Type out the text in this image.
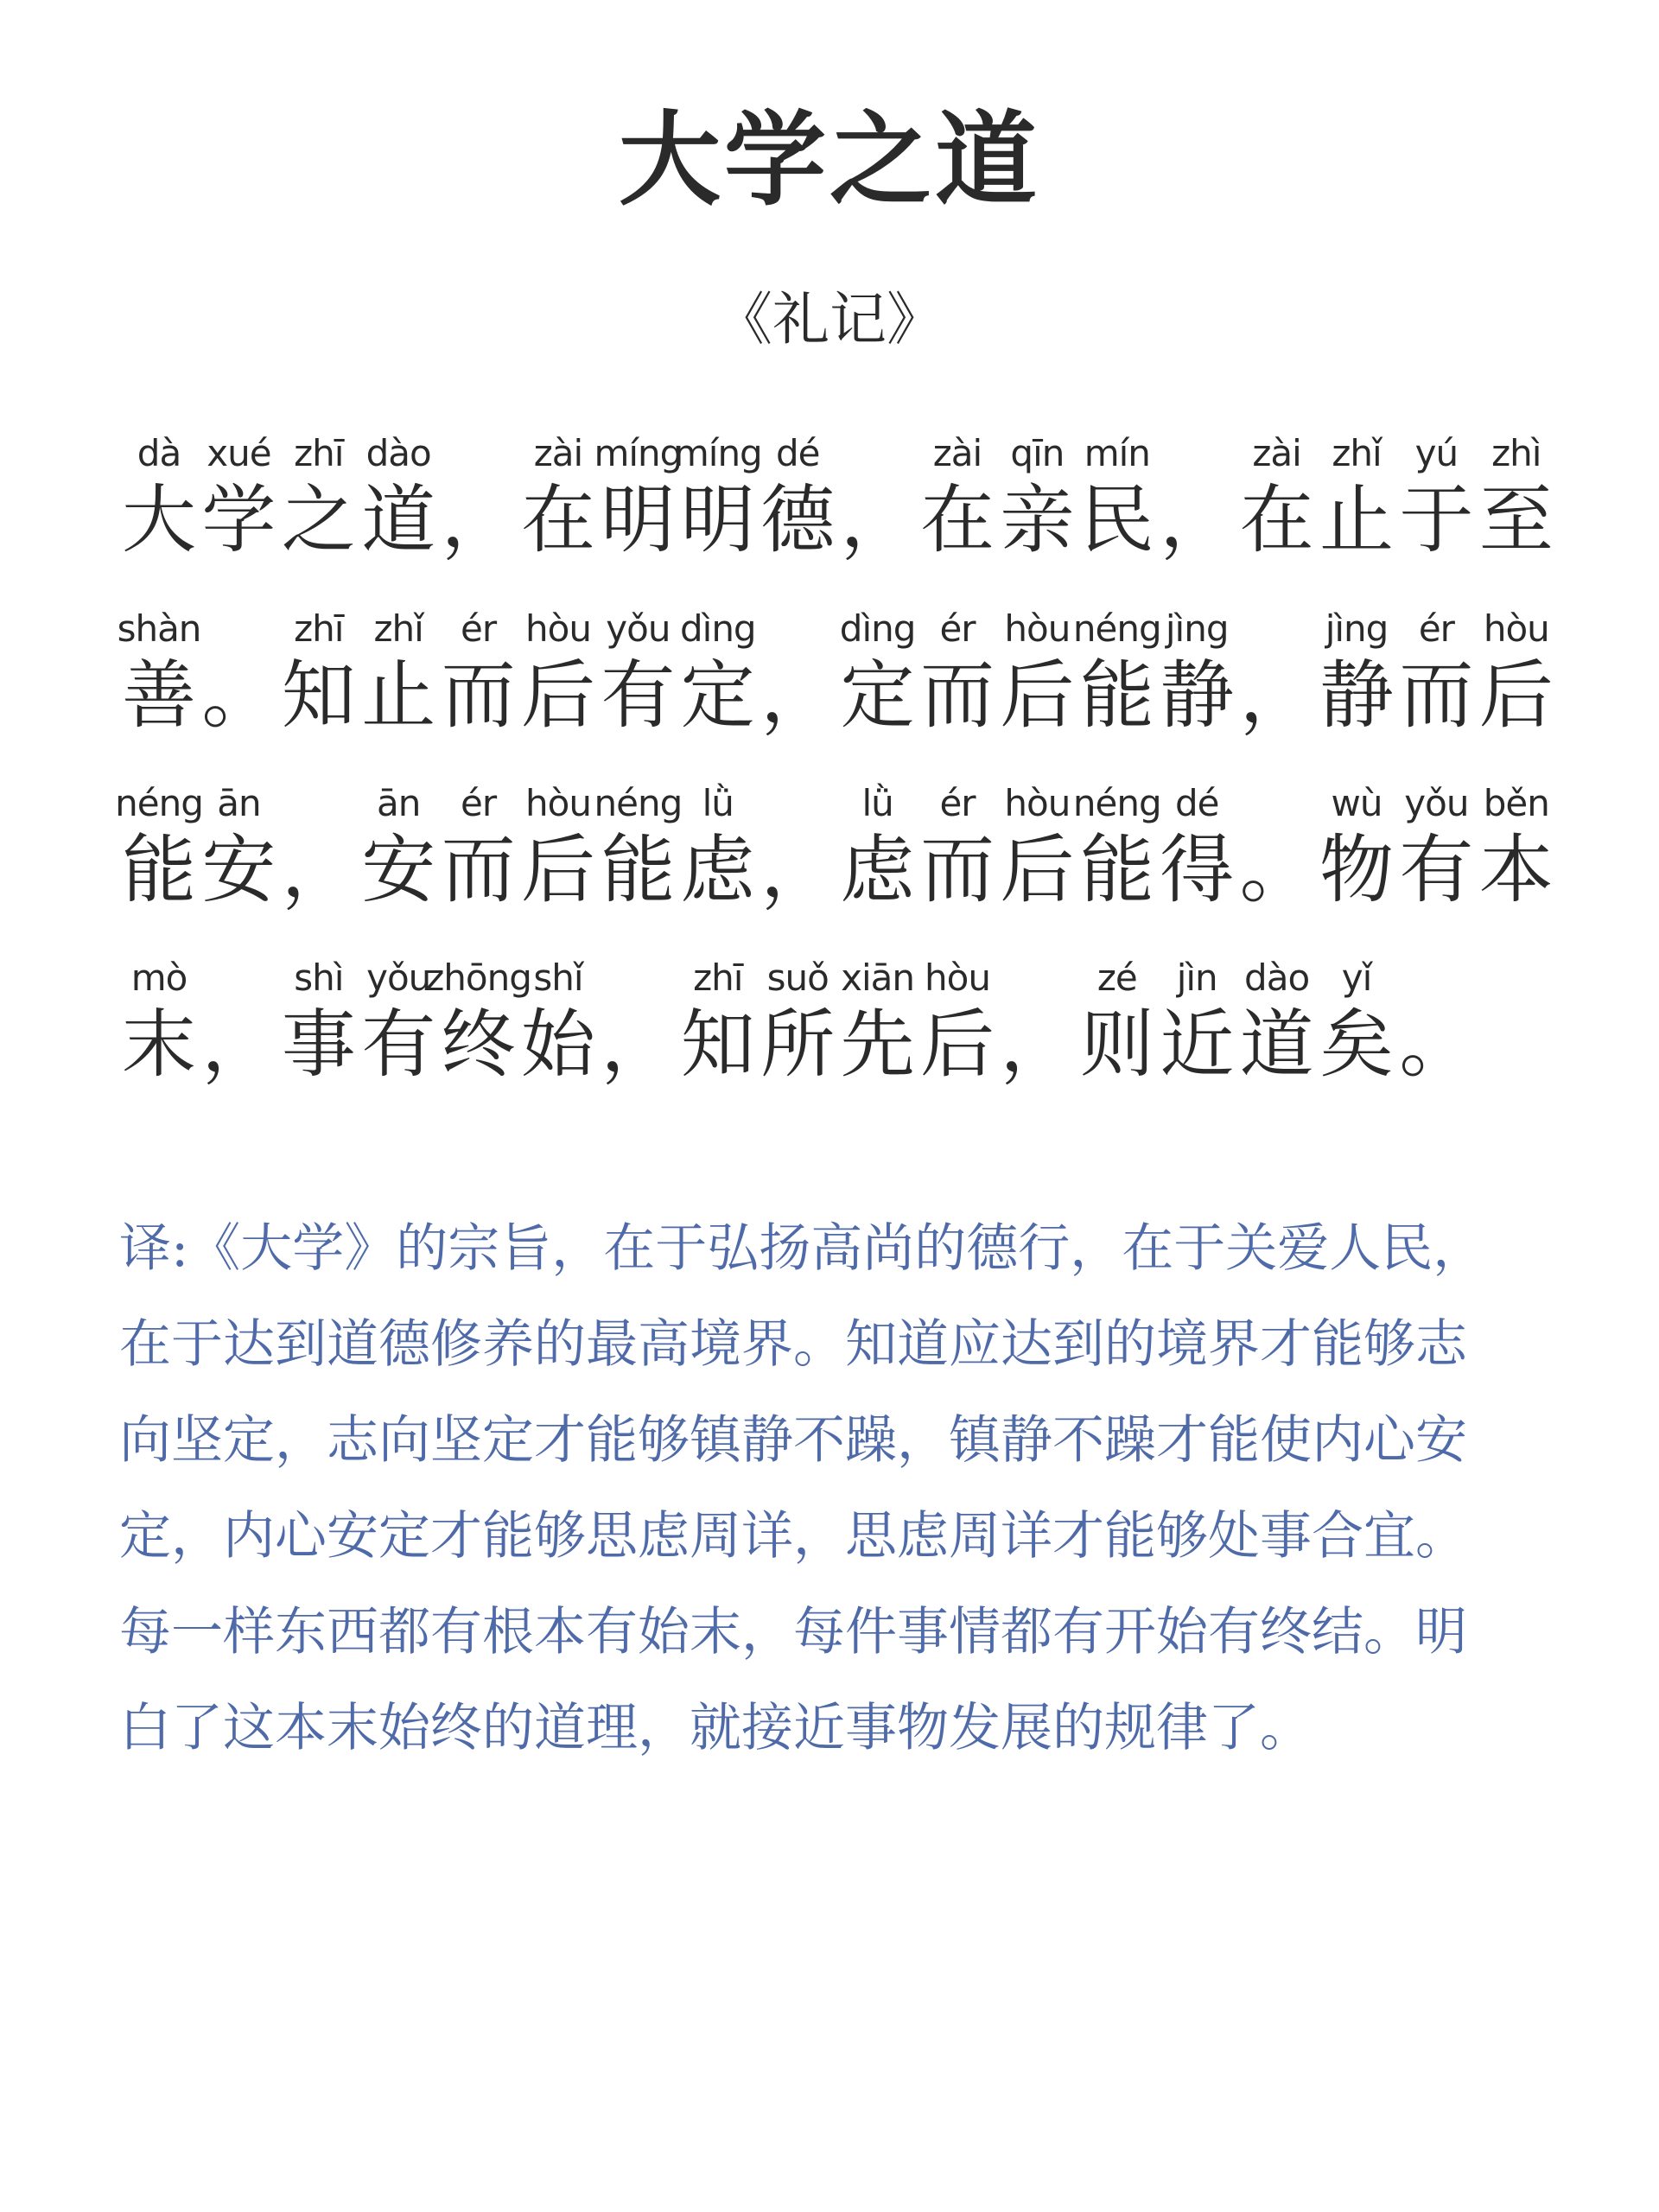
大学之道
《礼记》
dà
大
xué
学
zhī
之
dào
道 ，
zài
在
míng
明
míng
明
dé
德 ，
zài
在
qīn
亲
mín
民 ，
zài
在
zhǐ
止
yú
于
zhì
至
shàn
善 。
zhī
知
zhǐ
止
ér
而
hòu
后
yǒu
有
dìng
定 ，
dìng
定
ér
而
hòu
后
néng
能
jìng
静 ，
jìng
静
ér
而
hòu
后
néng
能
ān
安 ，
ān
安
ér
而
hòu
后
néng
能
lǜ
虑 ，
lǜ
虑
ér
而
hòu
后
néng
能
dé
得 。
wù
物
yǒu
有
běn
本
mò
末 ，
shì
事
yǒu
有
zhōng
终
shǐ
始 ，
zhī
知
suǒ
所
xiān
先
hòu
后 ，
zé
则
jìn
近
dào
道
yǐ
矣 。
译:《大学》的宗旨，在于弘扬高尚的德行，在于关爱人民，
在于达到道德修养的最高境界。知道应达到的境界才能够志
向坚定，志向坚定才能够镇静不躁，镇静不躁才能使内心安
定，内心安定才能够思虑周详，思虑周详才能够处事合宜。
每一样东西都有根本有始末，每件事情都有开始有终结。明
白了这本末始终的道理，就接近事物发展的规律了。
